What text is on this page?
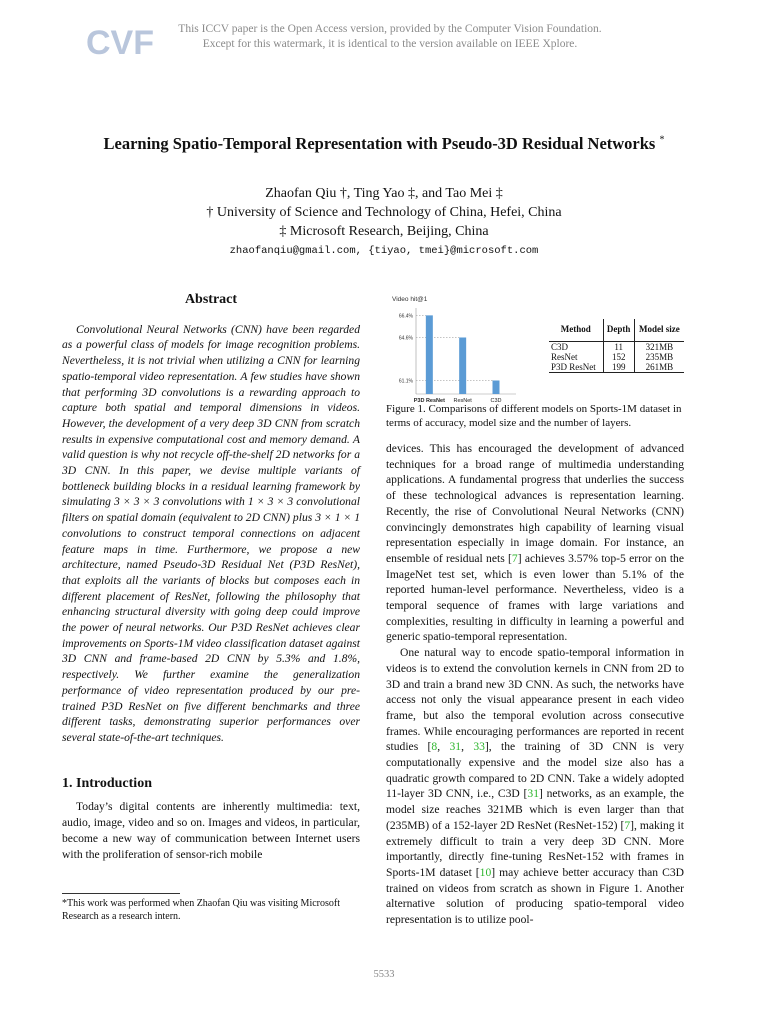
CVF	This ICCV paper is the Open Access version, provided by the Computer Vision Foundation.
Except for this watermark, it is identical to the version available on IEEE Xplore.
Learning Spatio-Temporal Representation with Pseudo-3D Residual Networks *
Zhaofan Qiu †, Ting Yao ‡, and Tao Mei ‡
† University of Science and Technology of China, Hefei, China
‡ Microsoft Research, Beijing, China
zhaofanqiu@gmail.com, {tiyao, tmei}@microsoft.com
Abstract

Convolutional Neural Networks (CNN) have been regarded as a powerful class of models for image recognition problems. Nevertheless, it is not trivial when utilizing a CNN for learning spatio-temporal video representation. A few studies have shown that performing 3D convolutions is a rewarding approach to capture both spatial and temporal dimensions in videos. However, the development of a very deep 3D CNN from scratch results in expensive computational cost and memory demand. A valid question is why not recycle off-the-shelf 2D networks for a 3D CNN. In this paper, we devise multiple variants of bottleneck building blocks in a residual learning framework by simulating 3 × 3 × 3 convolutions with 1 × 3 × 3 convolutional filters on spatial domain (equivalent to 2D CNN) plus 3 × 1 × 1 convolutions to construct temporal connections on adjacent feature maps in time. Furthermore, we propose a new architecture, named Pseudo-3D Residual Net (P3D ResNet), that exploits all the variants of blocks but composes each in different placement of ResNet, following the philosophy that enhancing structural diversity with going deep could improve the power of neural networks. Our P3D ResNet achieves clear improvements on Sports-1M video classification dataset against 3D CNN and frame-based 2D CNN by 5.3% and 1.8%, respectively. We further examine the generalization performance of video representation produced by our pre-trained P3D ResNet on five different benchmarks and three different tasks, demonstrating superior performances over several state-of-the-art techniques.

1. Introduction

Today’s digital contents are inherently multimedia: text, audio, image, video and so on. Images and videos, in particular, become a new way of communication between Internet users with the proliferation of sensor-rich mobile

*This work was performed when Zhaofan Qiu was visiting Microsoft Research as a research intern.
Video hit@1
66.4%
64.6%
61.1%
P3D ResNet ResNet	C3D
Method	Depth	Model size
C3D	11	321MB
ResNet	152	235MB
P3D ResNet	199	261MB
Figure 1. Comparisons of different models on Sports-1M dataset in terms of accuracy, model size and the number of layers.

devices. This has encouraged the development of advanced techniques for a broad range of multimedia understanding applications. A fundamental progress that underlies the success of these technological advances is representation learning. Recently, the rise of Convolutional Neural Networks (CNN) convincingly demonstrates high capability of learning visual representation especially in image domain. For instance, an ensemble of residual nets [7] achieves 3.57% top-5 error on the ImageNet test set, which is even lower than 5.1% of the reported human-level performance. Nevertheless, video is a temporal sequence of frames with large variations and complexities, resulting in difficulty in learning a powerful and generic spatio-temporal representation.

One natural way to encode spatio-temporal information in videos is to extend the convolution kernels in CNN from 2D to 3D and train a brand new 3D CNN. As such, the networks have access not only the visual appearance present in each video frame, but also the temporal evolution across consecutive frames. While encouraging performances are reported in recent studies [8, 31, 33], the training of 3D CNN is very computationally expensive and the model size also has a quadratic growth compared to 2D CNN. Take a widely adopted 11-layer 3D CNN, i.e., C3D [31] networks, as an example, the model size reaches 321MB which is even larger than that (235MB) of a 152-layer 2D ResNet (ResNet-152) [7], making it extremely difficult to train a very deep 3D CNN. More importantly, directly fine-tuning ResNet-152 with frames in Sports-1M dataset [10] may achieve better accuracy than C3D trained on videos from scratch as shown in Figure 1. Another alternative solution of producing spatio-temporal video representation is to utilize pool-

5533
